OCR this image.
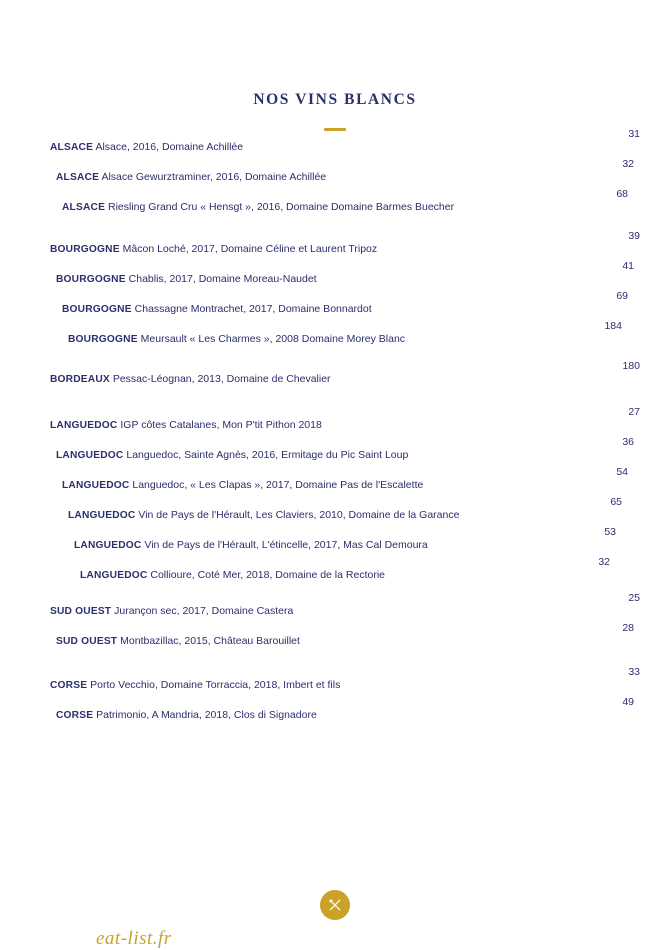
NOS VINS BLANCS
ALSACE Alsace, 2016, Domaine Achillée
31
ALSACE Alsace Gewurztraminer, 2016, Domaine Achillée
32
ALSACE Riesling Grand Cru « Hensgt », 2016, Domaine Domaine Barmes Buecher
68
BOURGOGNE Mâcon Loché, 2017, Domaine Céline et Laurent Tripoz
39
BOURGOGNE Chablis, 2017, Domaine Moreau-Naudet
41
BOURGOGNE Chassagne Montrachet, 2017, Domaine Bonnardot
69
BOURGOGNE Meursault « Les Charmes », 2008 Domaine Morey Blanc
184
BORDEAUX Pessac-Léognan, 2013, Domaine de Chevalier
180
LANGUEDOC IGP côtes Catalanes, Mon P'tit Pithon 2018
27
LANGUEDOC Languedoc, Sainte Agnès, 2016, Ermitage du Pic Saint Loup
36
LANGUEDOC Languedoc, « Les Clapas », 2017, Domaine Pas de l'Escalette
54
LANGUEDOC Vin de Pays de l'Hérault, Les Claviers, 2010, Domaine de la Garance
65
LANGUEDOC Vin de Pays de l'Hérault, L'étincelle, 2017, Mas Cal Demoura
53
LANGUEDOC Collioure, Coté Mer, 2018, Domaine de la Rectorie
32
SUD OUEST Jurançon sec, 2017, Domaine Castera
25
SUD OUEST Montbazillac, 2015, Château Barouillet
28
CORSE Porto Vecchio, Domaine Torraccia, 2018, Imbert et fils
33
CORSE Patrimonio, A Mandria, 2018, Clos di Signadore
49
eat-list.fr
